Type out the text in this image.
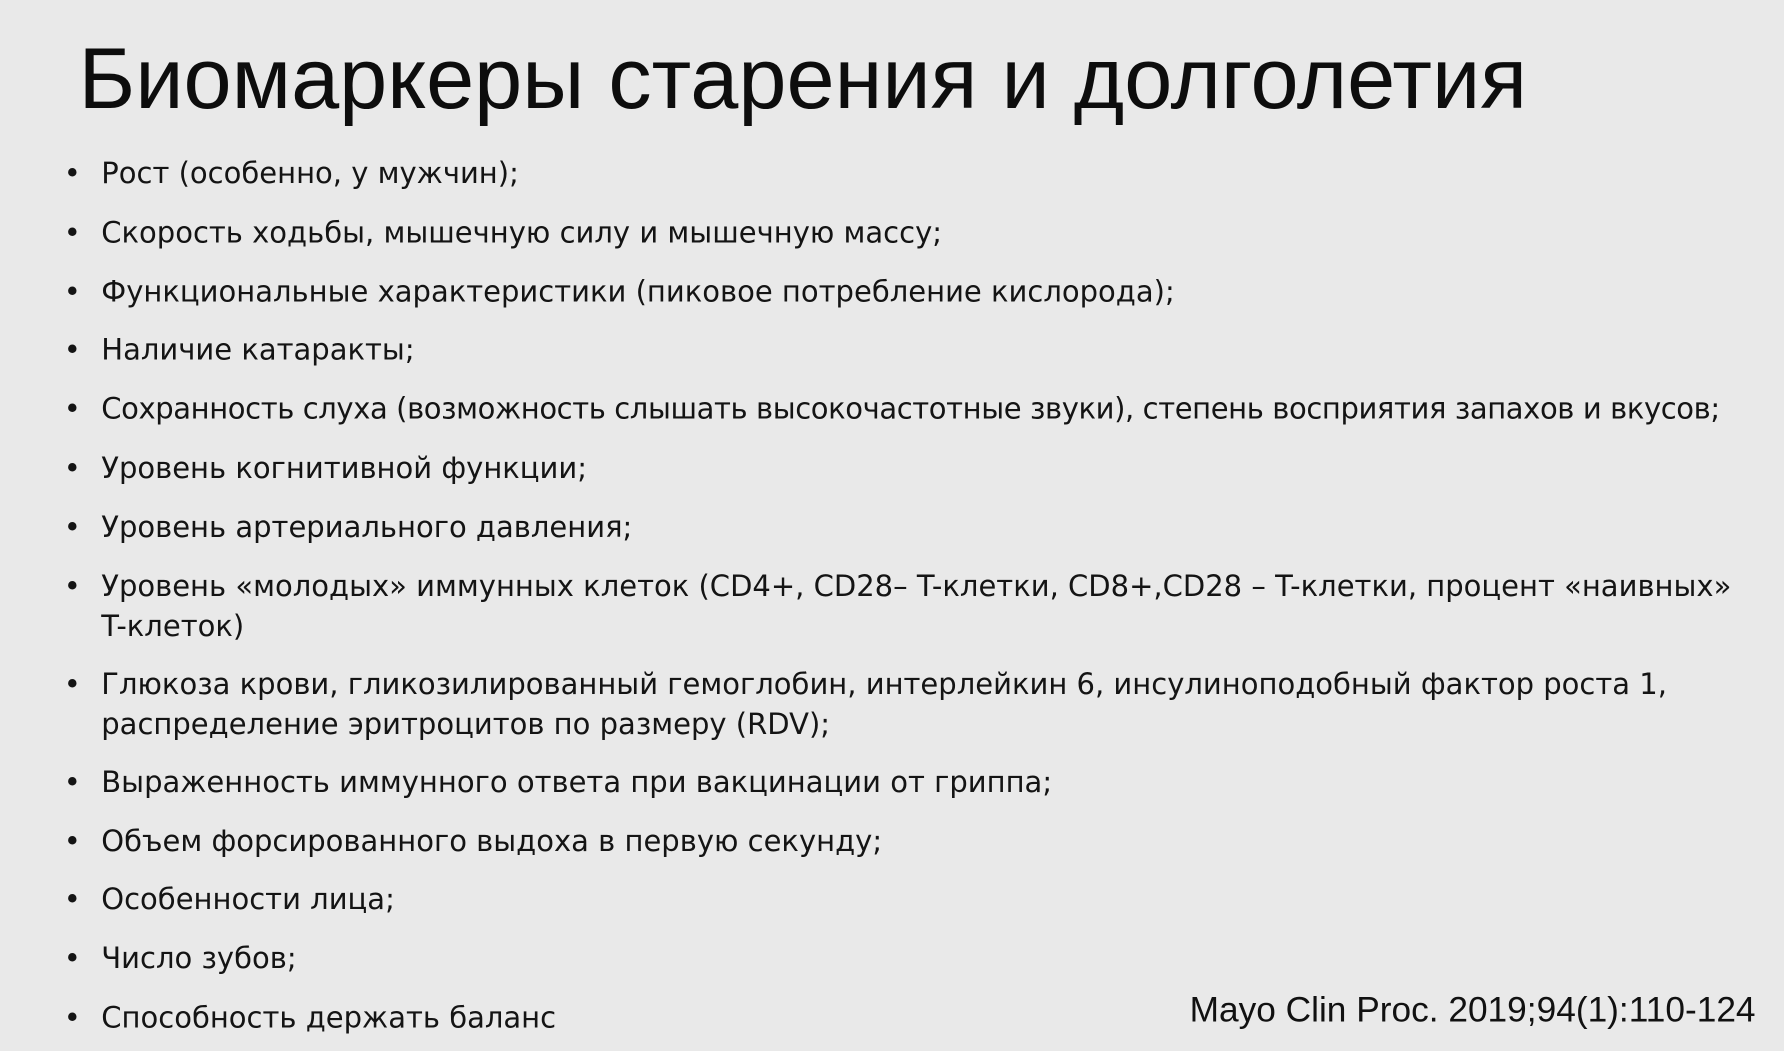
Биомаркеры старения и долголетия
• Рост (особенно, у мужчин);
• Скорость ходьбы, мышечную силу и мышечную массу;
• Функциональные характеристики (пиковое потребление кислорода);
• Наличие катаракты;
• Сохранность слуха (возможность слышать высокочастотные звуки), степень восприятия запахов и вкусов;
• Уровень когнитивной функции;
• Уровень артериального давления;
• Уровень «молодых» иммунных клеток (CD4+, CD28– T-клетки, CD8+,CD28 – T-клетки, процент «наивных» T-клеток)
• Глюкоза крови, гликозилированный гемоглобин, интерлейкин 6, инсулиноподобный фактор роста 1, распределение эритроцитов по размеру (RDV);
• Выраженность иммунного ответа при вакцинации от гриппа;
• Объем форсированного выдоха в первую секунду;
• Особенности лица;
• Число зубов;
• Способность держать баланс	Mayo Clin Proc. 2019;94(1):110-124
